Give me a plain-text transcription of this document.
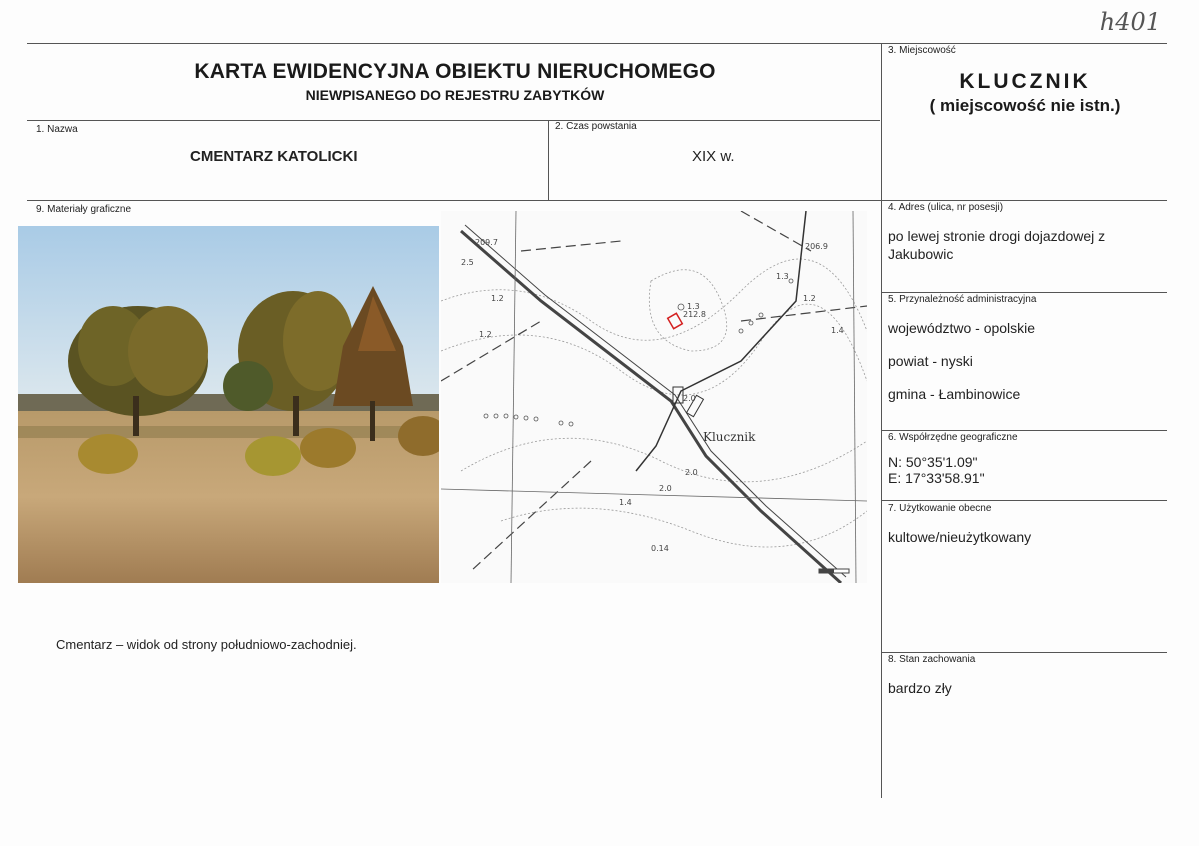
h401
KARTA EWIDENCYJNA OBIEKTU NIERUCHOMEGO
NIEWPISANEGO DO REJESTRU ZABYTKÓW
3. Miejscowość
KLUCZNIK
( miejscowość nie istn.)
1. Nazwa
CMENTARZ KATOLICKI
2. Czas powstania
XIX w.
9. Materiały graficzne
209.7
2.5
1.2
1.2
206.9
1.3
1.2
1.3
212.8
1.4
2.0
2.0
2.0
1.4
0.14
Klucznik
Cmentarz – widok od strony południowo-zachodniej.
4. Adres (ulica, nr posesji)
po lewej stronie drogi dojazdowej z Jakubowic
5. Przynależność administracyjna
województwo - opolskie
powiat - nyski
gmina - Łambinowice
6. Współrzędne geograficzne
N: 50°35'1.09"
E: 17°33'58.91"
7. Użytkowanie obecne
kultowe/nieużytkowany
8. Stan zachowania
bardzo zły
